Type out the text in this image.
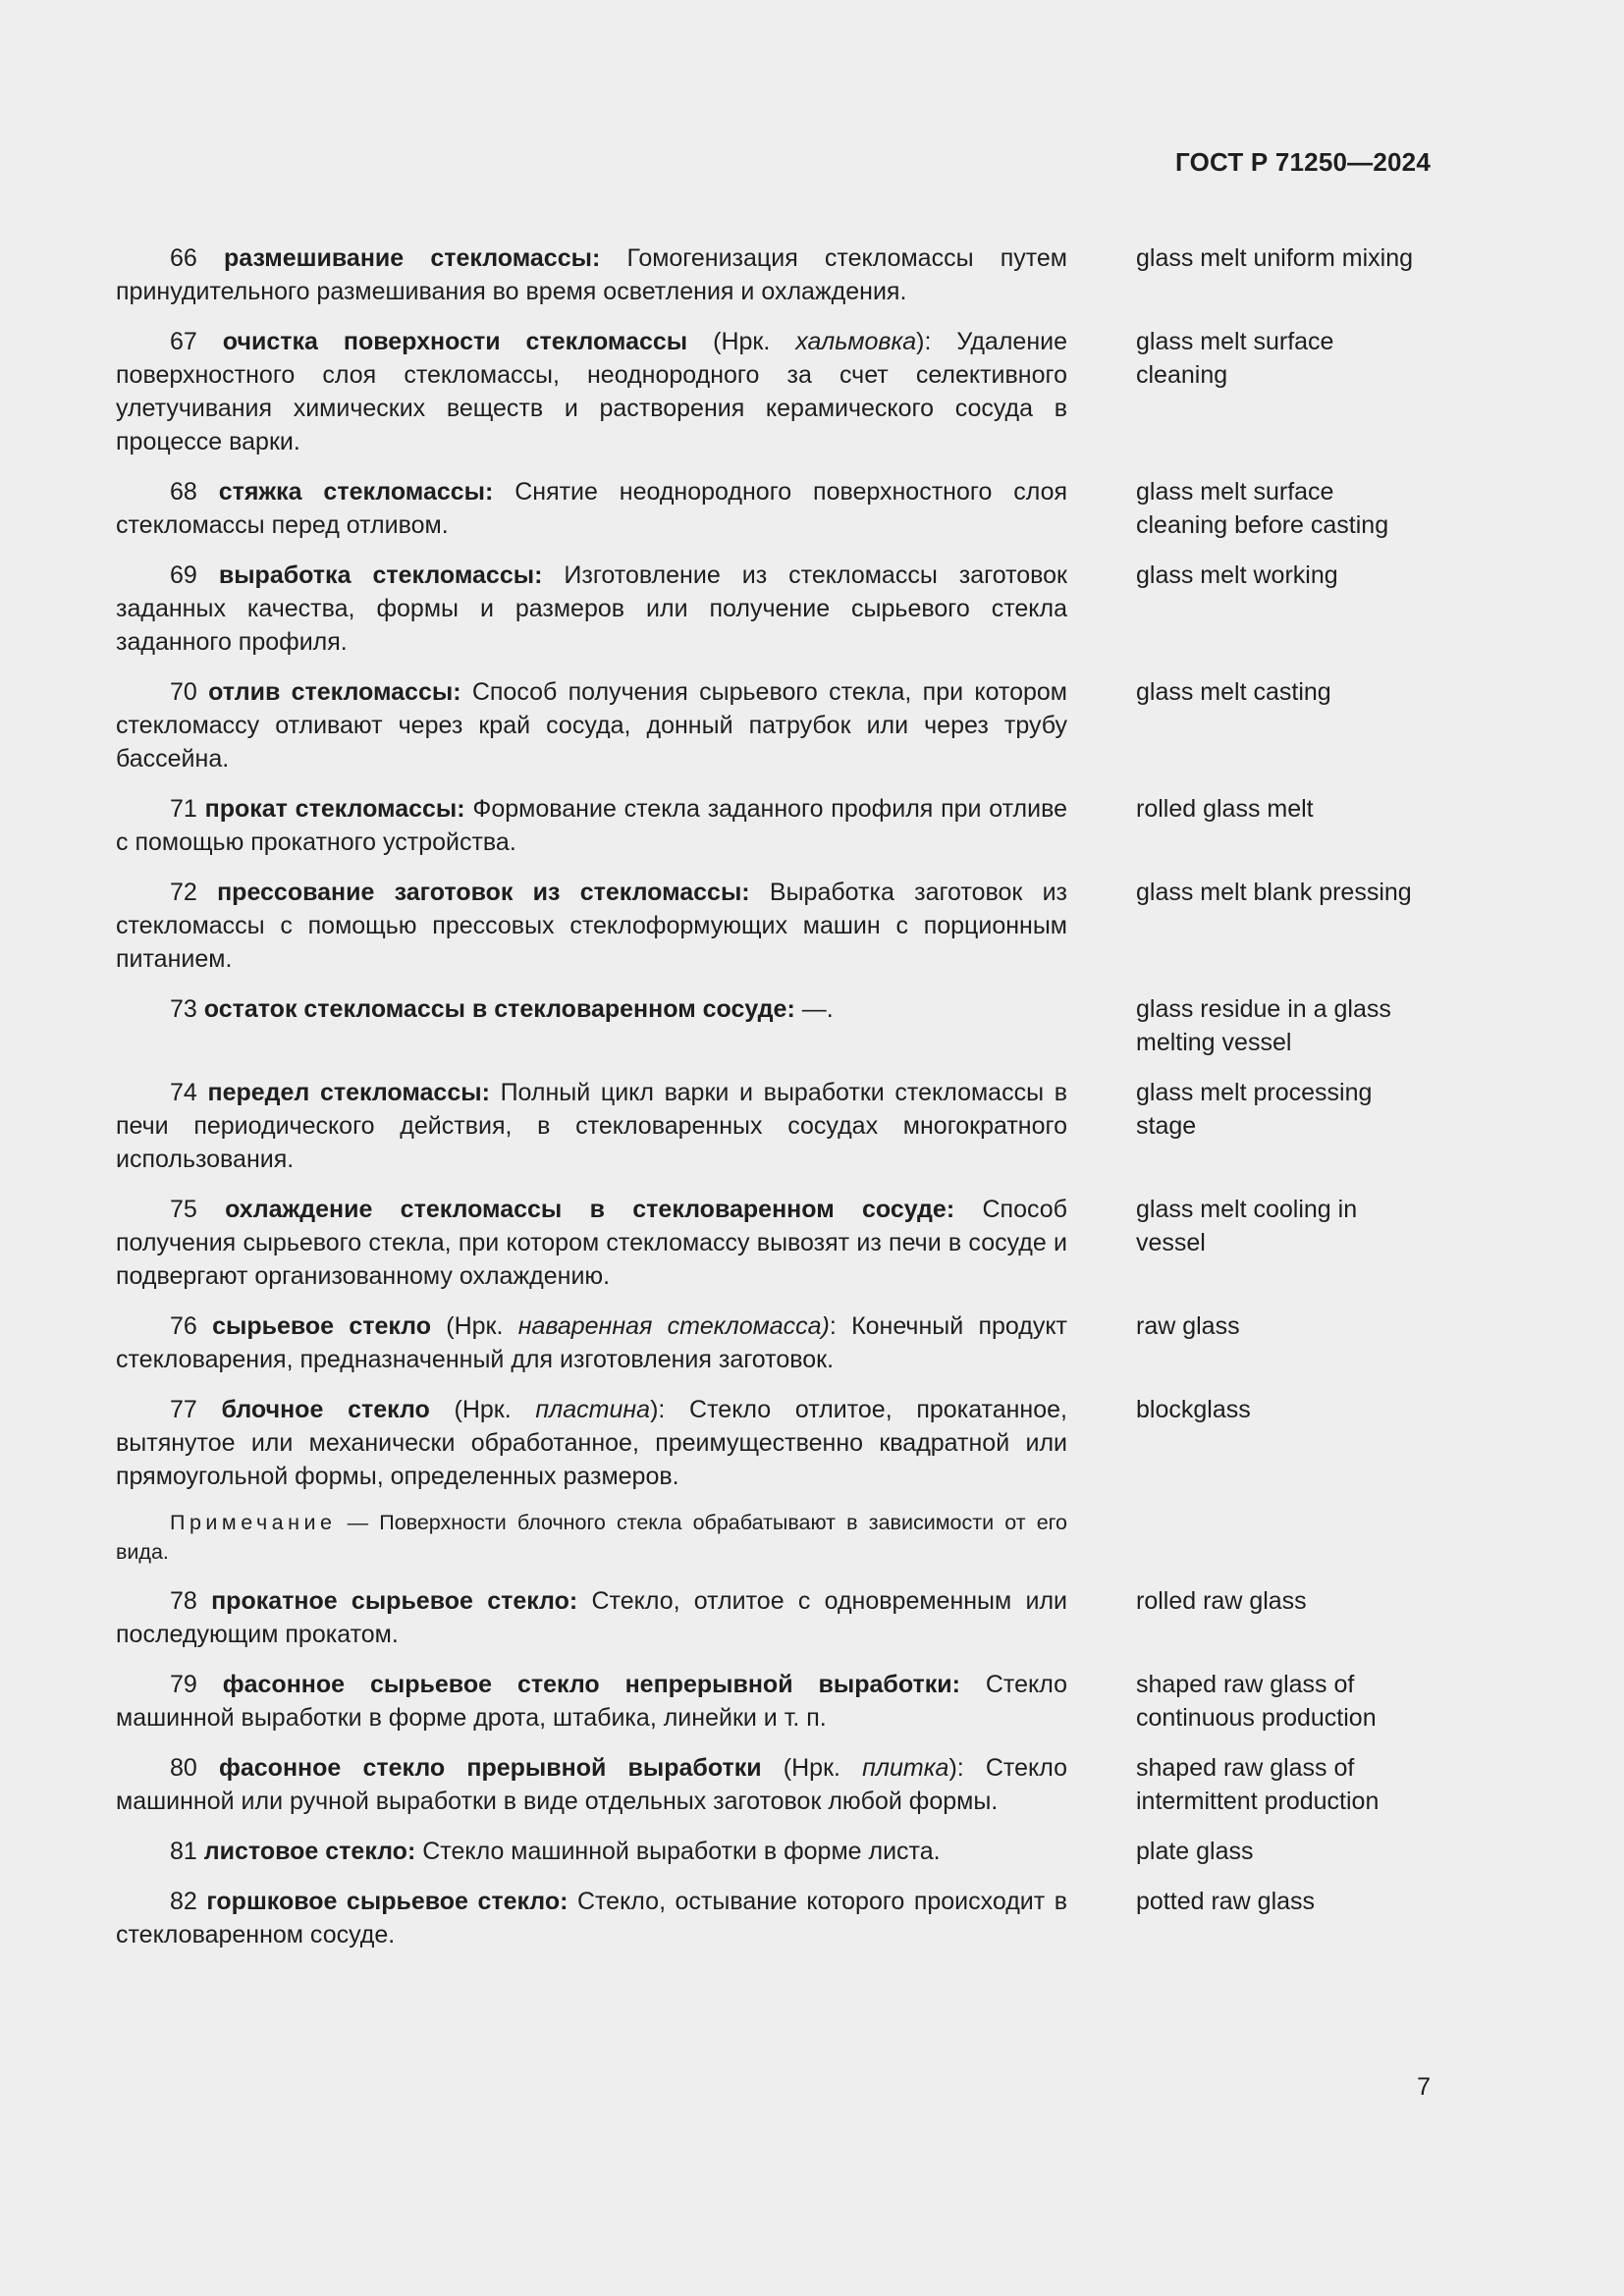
ГОСТ Р 71250—2024
66 размешивание стекломассы: Гомогенизация стекломассы путем принудительного размешивания во время осветления и охлаждения.
glass melt uniform mixing
67 очистка поверхности стекломассы (Нрк. хальмовка): Удаление поверхностного слоя стекломассы, неоднородного за счет селективного улетучивания химических веществ и растворения керамического сосуда в процессе варки.
glass melt surface cleaning
68 стяжка стекломассы: Снятие неоднородного поверхностного слоя стекломассы перед отливом.
glass melt surface cleaning before casting
69 выработка стекломассы: Изготовление из стекломассы заготовок заданных качества, формы и размеров или получение сырьевого стекла заданного профиля.
glass melt working
70 отлив стекломассы: Способ получения сырьевого стекла, при котором стекломассу отливают через край сосуда, донный патрубок или через трубу бассейна.
glass melt casting
71 прокат стекломассы: Формование стекла заданного профиля при отливе с помощью прокатного устройства.
rolled glass melt
72 прессование заготовок из стекломассы: Выработка заготовок из стекломассы с помощью прессовых стеклоформующих машин с порционным питанием.
glass melt blank pressing
73 остаток стекломассы в стекловаренном сосуде: —.	glass residue in a glass melting vessel
74 передел стекломассы: Полный цикл варки и выработки стекломассы в печи периодического действия, в стекловаренных сосудах многократного использования.
glass melt processing stage
75 охлаждение стекломассы в стекловаренном сосуде: Способ получения сырьевого стекла, при котором стекломассу вывозят из печи в сосуде и подвергают организованному охлаждению.
glass melt cooling in vessel
76 сырьевое стекло (Нрк. наваренная стекломасса): Конечный продукт стекловарения, предназначенный для изготовления заготовок.
raw glass
77 блочное стекло (Нрк. пластина): Стекло отлитое, прокатанное, вытянутое или механически обработанное, преимущественно квадратной или прямоугольной формы, определенных размеров.
blockglass
Примечание — Поверхности блочного стекла обрабатывают в зависимости от его вида.
78 прокатное сырьевое стекло: Стекло, отлитое с одновременным или последующим прокатом.
rolled raw glass
79 фасонное сырьевое стекло непрерывной выработки: Стекло машинной выработки в форме дрота, штабика, линейки и т. п.
shaped raw glass of continuous production
80 фасонное стекло прерывной выработки (Нрк. плитка): Стекло машинной или ручной выработки в виде отдельных заготовок любой формы.
shaped raw glass of intermittent production
81 листовое стекло: Стекло машинной выработки в форме листа.	plate glass
82 горшковое сырьевое стекло: Стекло, остывание которого происходит в стекловаренном сосуде.
potted raw glass
7
